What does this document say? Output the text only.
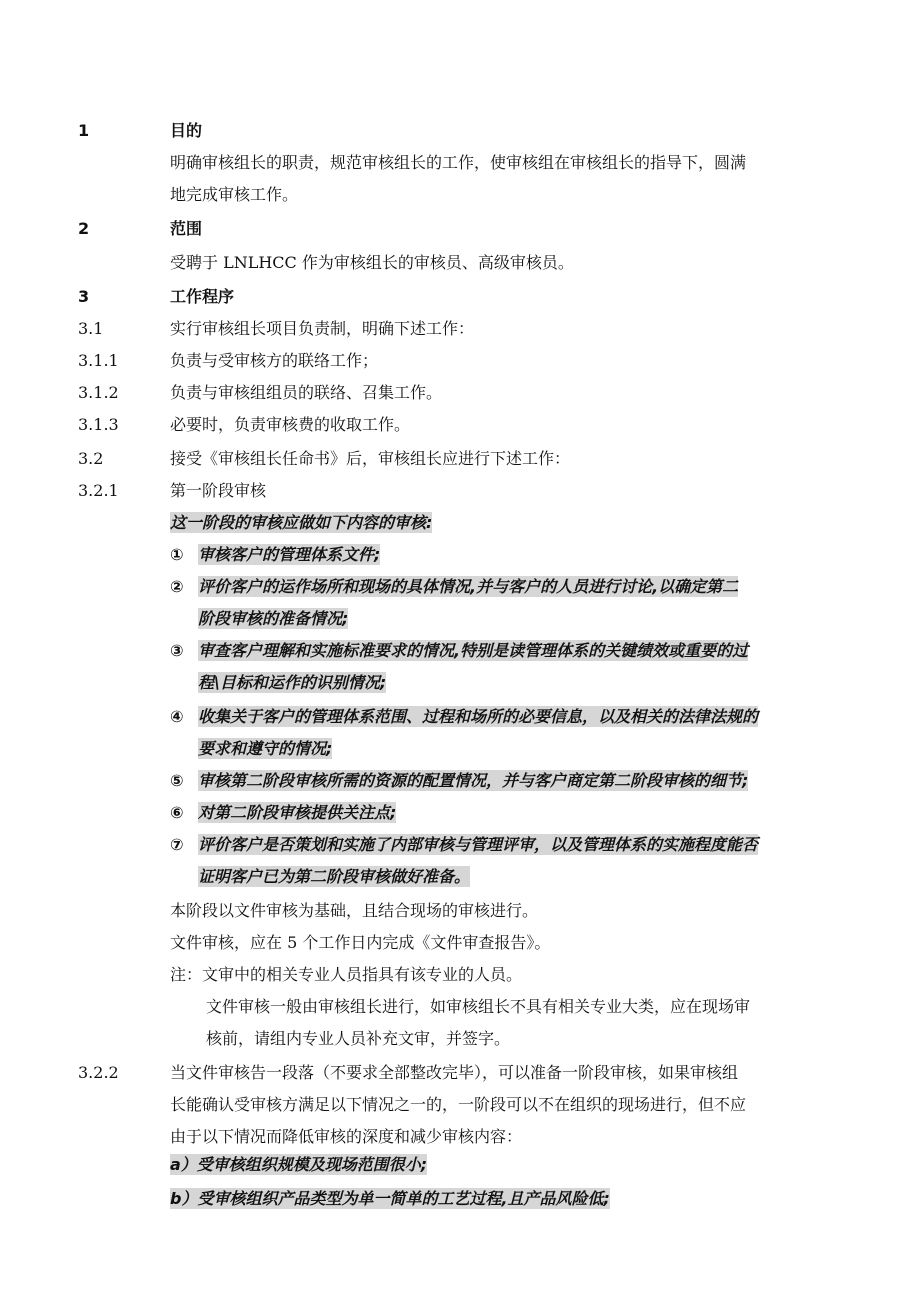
1	目的
明确审核组长的职责，规范审核组长的工作，使审核组在审核组长的指导下，圆满
地完成审核工作。
2	范围
受聘于 LNLHCC 作为审核组长的审核员、高级审核员。
3	工作程序
3.1	实行审核组长项目负责制，明确下述工作：
3.1.1	负责与受审核方的联络工作；
3.1.2	负责与审核组组员的联络、召集工作。
3.1.3	必要时，负责审核费的收取工作。
3.2	接受《审核组长任命书》后，审核组长应进行下述工作：
3.2.1	第一阶段审核
这一阶段的审核应做如下内容的审核:
① 审核客户的管理体系文件;
② 评价客户的运作场所和现场的具体情况,并与客户的人员进行讨论,以确定第二
阶段审核的准备情况;
③ 审查客户理解和实施标准要求的情况,特别是读管理体系的关键绩效或重要的过
程\目标和运作的识别情况;
④ 收集关于客户的管理体系范围、过程和场所的必要信息，以及相关的法律法规的
要求和遵守的情况;
⑤ 审核第二阶段审核所需的资源的配置情况，并与客户商定第二阶段审核的细节;
⑥ 对第二阶段审核提供关注点;
⑦ 评价客户是否策划和实施了内部审核与管理评审，以及管理体系的实施程度能否
证明客户已为第二阶段审核做好准备。
本阶段以文件审核为基础，且结合现场的审核进行。
文件审核，应在 5 个工作日内完成《文件审查报告》。
注：文审中的相关专业人员指具有该专业的人员。
文件审核一般由审核组长进行，如审核组长不具有相关专业大类，应在现场审
核前，请组内专业人员补充文审，并签字。
3.2.2	当文件审核告一段落（不要求全部整改完毕），可以准备一阶段审核，如果审核组
长能确认受审核方满足以下情况之一的，一阶段可以不在组织的现场进行，但不应
由于以下情况而降低审核的深度和减少审核内容：
a）受审核组织规模及现场范围很小;
b）受审核组织产品类型为单一简单的工艺过程,且产品风险低;
